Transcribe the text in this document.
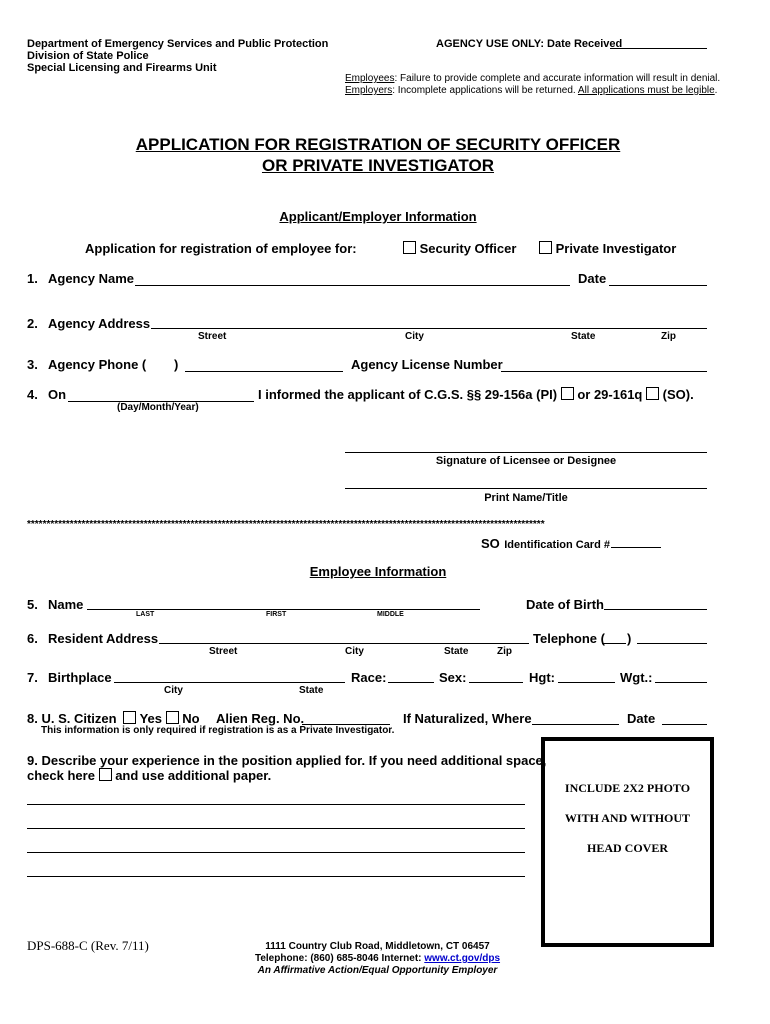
Department of Emergency Services and Public Protection
Division of State Police
Special Licensing and Firearms Unit
AGENCY USE ONLY: Date Received
Employees: Failure to provide complete and accurate information will result in denial.
Employers: Incomplete applications will be returned. All applications must be legible.
APPLICATION FOR REGISTRATION OF SECURITY OFFICER
OR PRIVATE INVESTIGATOR
Applicant/Employer Information
Application for registration of employee for:	Security Officer	Private Investigator
1. Agency Name	Date
2. Agency Address
Street	City	State	Zip
3. Agency Phone ( )	Agency License Number
4. On	I informed the applicant of C.G.S. §§ 29-156a (PI) or 29-161q (SO).
(Day/Month/Year)
Signature of Licensee or Designee
Print Name/Title
*************************************************************************************************************************************
SO Identification Card #
Employee Information
5. Name
LAST	FIRST	MIDDLE
Date of Birth
6. Resident Address	Telephone ( )
Street	City	State	Zip
7. Birthplace	Race:	Sex:	Hgt:	Wgt.:
City	State
8. U. S. Citizen Yes No Alien Reg. No.	If Naturalized, Where	Date
This information is only required if registration is as a Private Investigator.
9. Describe your experience in the position applied for. If you need additional space,
check here and use additional paper.
INCLUDE 2X2 PHOTO
WITH AND WITHOUT
HEAD COVER
DPS-688-C (Rev. 7/11)	1111 Country Club Road, Middletown, CT 06457
Telephone: (860) 685-8046 Internet: www.ct.gov/dps
An Affirmative Action/Equal Opportunity Employer
